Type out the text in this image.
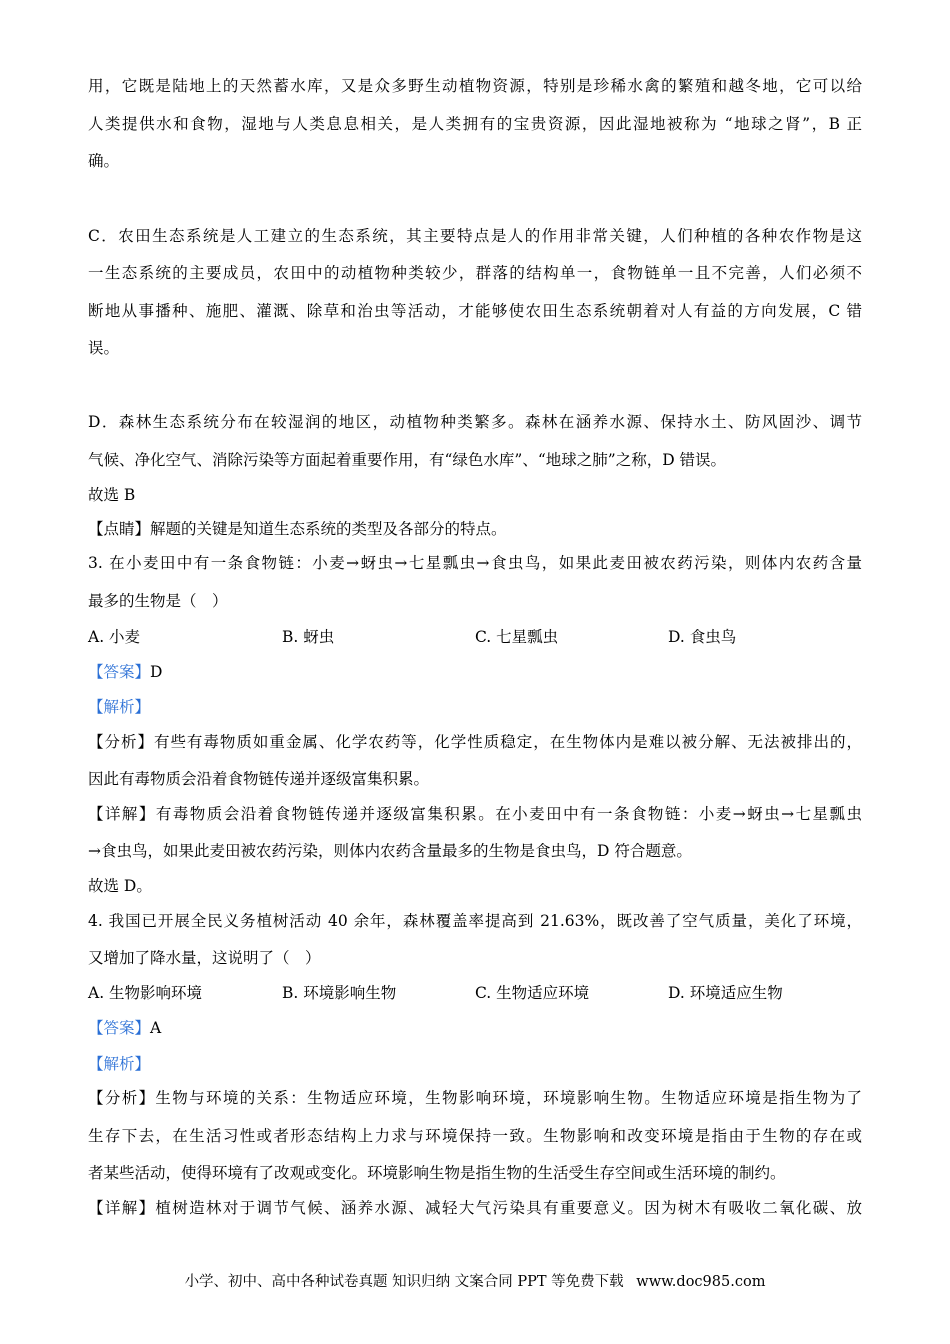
用，它既是陆地上的天然蓄水库，又是众多野生动植物资源，特别是珍稀水禽的繁殖和越冬地，它可以给
人类提供水和食物，湿地与人类息息相关，是人类拥有的宝贵资源，因此湿地被称为 “地球之肾”，B 正
确。
C．农田生态系统是人工建立的生态系统，其主要特点是人的作用非常关键，人们种植的各种农作物是这
一生态系统的主要成员，农田中的动植物种类较少，群落的结构单一，食物链单一且不完善，人们必须不
断地从事播种、施肥、灌溉、除草和治虫等活动，才能够使农田生态系统朝着对人有益的方向发展，C 错
误。
D．森林生态系统分布在较湿润的地区，动植物种类繁多。森林在涵养水源、保持水土、防风固沙、调节
气候、净化空气、消除污染等方面起着重要作用，有“绿色水库”、“地球之肺”之称，D 错误。
故选 B
【点睛】解题的关键是知道生态系统的类型及各部分的特点。
3. 在小麦田中有一条食物链：小麦→蚜虫→七星瓢虫→食虫鸟，如果此麦田被农药污染，则体内农药含量
最多的生物是（　）
A. 小麦	B. 蚜虫	C. 七星瓢虫	D. 食虫鸟
【答案】D
【解析】
【分析】有些有毒物质如重金属、化学农药等，化学性质稳定，在生物体内是难以被分解、无法被排出的，
因此有毒物质会沿着食物链传递并逐级富集积累。
【详解】有毒物质会沿着食物链传递并逐级富集积累。在小麦田中有一条食物链：小麦→蚜虫→七星瓢虫
→食虫鸟，如果此麦田被农药污染，则体内农药含量最多的生物是食虫鸟，D 符合题意。
故选 D。
4. 我国已开展全民义务植树活动 40 余年，森林覆盖率提高到 21.63%，既改善了空气质量，美化了环境，
又增加了降水量，这说明了（　）
A. 生物影响环境	B. 环境影响生物	C. 生物适应环境	D. 环境适应生物
【答案】A
【解析】
【分析】生物与环境的关系：生物适应环境，生物影响环境，环境影响生物。生物适应环境是指生物为了
生存下去，在生活习性或者形态结构上力求与环境保持一致。生物影响和改变环境是指由于生物的存在或
者某些活动，使得环境有了改观或变化。环境影响生物是指生物的生活受生存空间或生活环境的制约。
【详解】植树造林对于调节气候、涵养水源、减轻大气污染具有重要意义。因为树木有吸收二氧化碳、放
小学、初中、高中各种试卷真题 知识归纳 文案合同 PPT 等免费下载 www.doc985.com
